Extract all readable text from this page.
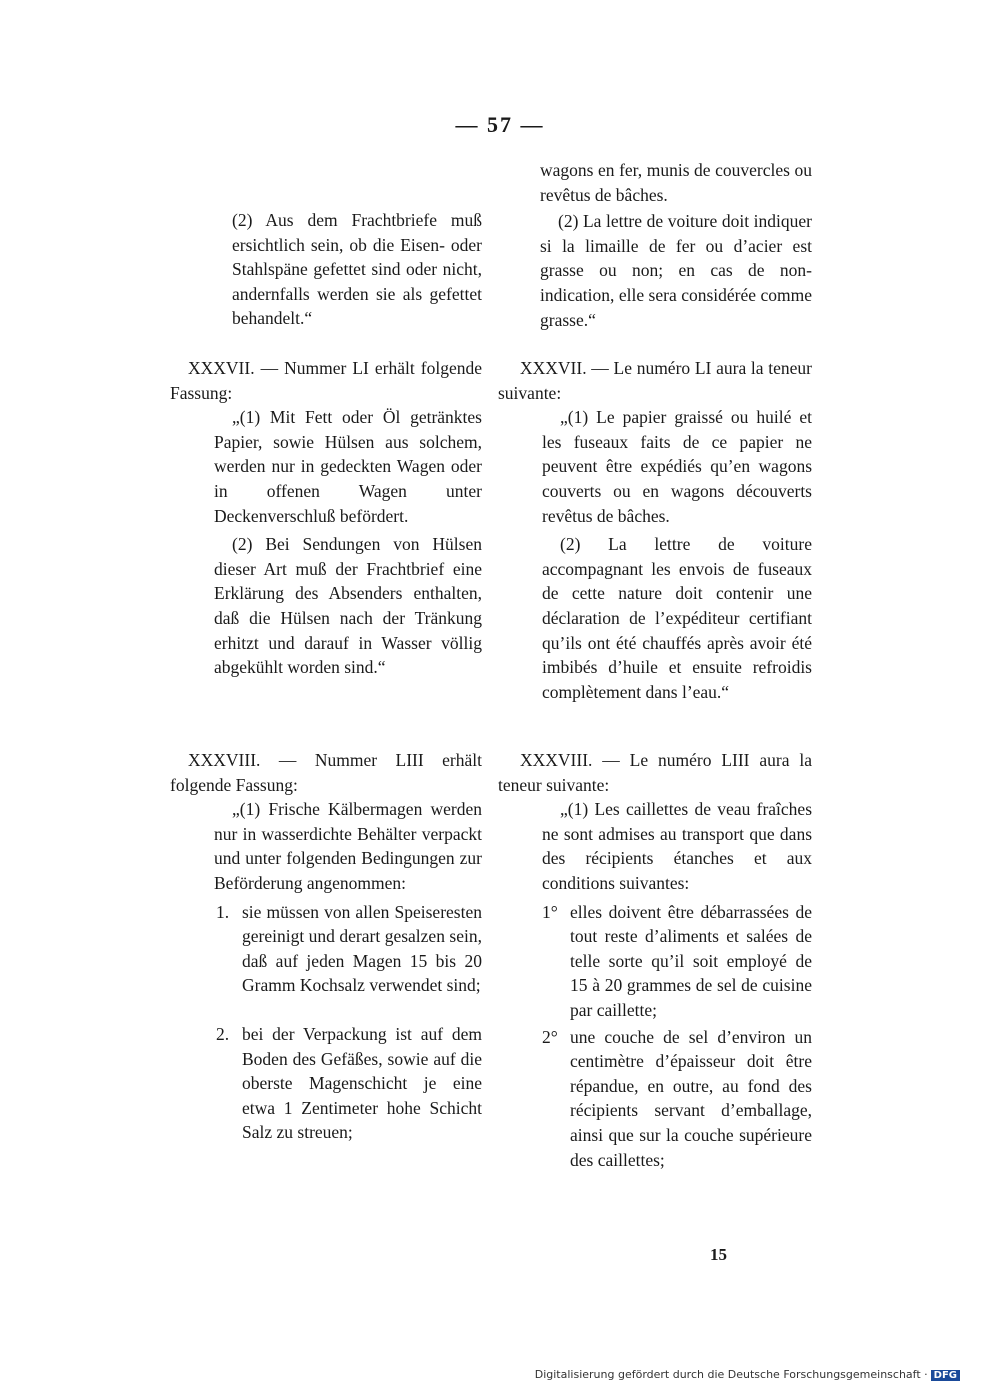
— 57 —

(2) Aus dem Frachtbriefe muß ersichtlich sein, ob die Eisen- oder Stahlspäne gefettet sind oder nicht, andernfalls werden sie als gefettet behandelt.“

XXXVII. — Nummer LI erhält folgende Fassung:

„(1) Mit Fett oder Öl getränktes Papier, sowie Hülsen aus solchem, werden nur in gedeckten Wagen oder in offenen Wagen unter Deckenverschluß befördert.

(2) Bei Sendungen von Hülsen dieser Art muß der Frachtbrief eine Erklärung des Absenders enthalten, daß die Hülsen nach der Tränkung erhitzt und darauf in Wasser völlig abgekühlt worden sind.“

XXXVIII. — Nummer LIII erhält folgende Fassung:

„(1) Frische Kälbermagen werden nur in wasserdichte Behälter verpackt und unter folgenden Bedingungen zur Beförderung angenommen:

1. sie müssen von allen Speiseresten gereinigt und derart gesalzen sein, daß auf jeden Magen 15 bis 20 Gramm Kochsalz verwendet sind;
2. bei der Verpackung ist auf dem Boden des Gefäßes, sowie auf die oberste Magenschicht je eine etwa 1 Zentimeter hohe Schicht Salz zu streuen;

wagons en fer, munis de couvercles ou revêtus de bâches.

(2) La lettre de voiture doit indiquer si la limaille de fer ou d’acier est grasse ou non; en cas de non-indication, elle sera considérée comme grasse.“

XXXVII. — Le numéro LI aura la teneur suivante:

„(1) Le papier graissé ou huilé et les fuseaux faits de ce papier ne peuvent être expédiés qu’en wagons couverts ou en wagons découverts revêtus de bâches.

(2) La lettre de voiture accompagnant les envois de fuseaux de cette nature doit contenir une déclaration de l’expéditeur certifiant qu’ils ont été chauffés après avoir été imbibés d’huile et ensuite refroidis complètement dans l’eau.“

XXXVIII. — Le numéro LIII aura la teneur suivante:

„(1) Les caillettes de veau fraîches ne sont admises au transport que dans des récipients étanches et aux conditions suivantes:

1° elles doivent être débarrassées de tout reste d’aliments et salées de telle sorte qu’il soit employé de 15 à 20 grammes de sel de cuisine par caillette;
2° une couche de sel d’environ un centimètre d’épaisseur doit être répandue, en outre, au fond des récipients servant d’emballage, ainsi que sur la couche supérieure des caillettes;
15
Digitalisierung gefördert durch die Deutsche Forschungsgemeinschaft · DFG
